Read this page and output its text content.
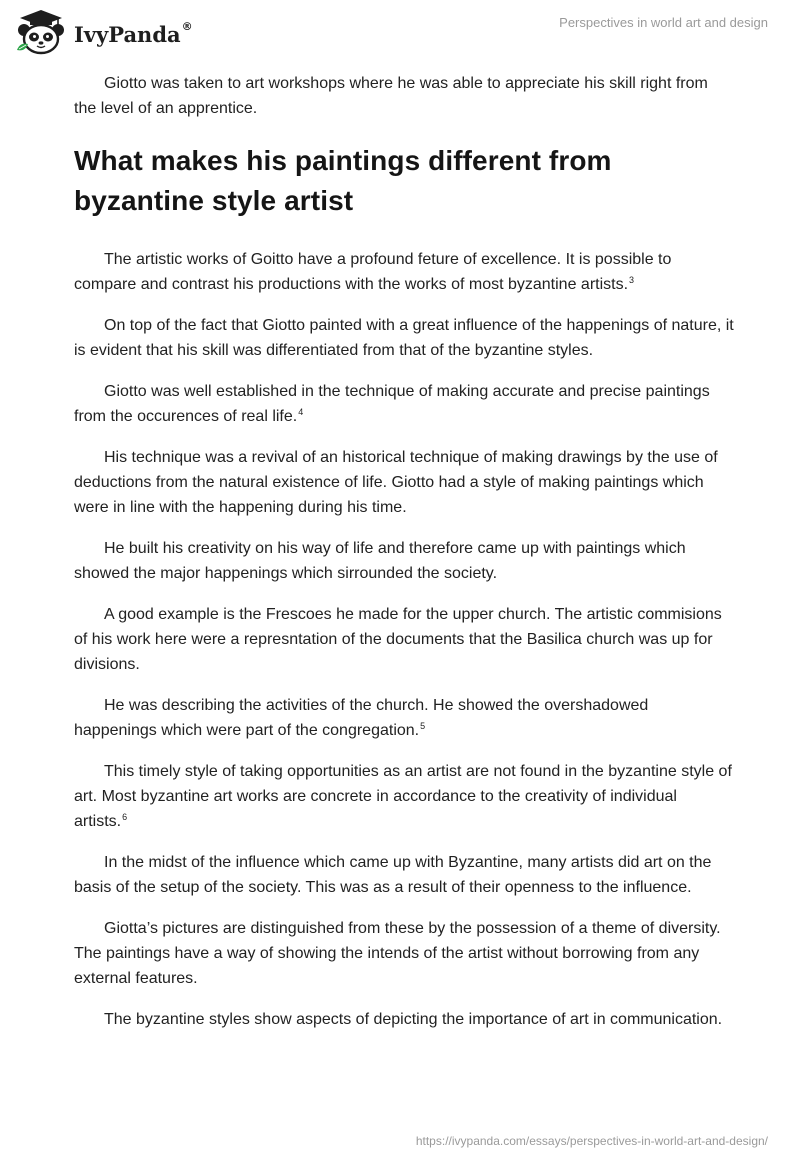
IvyPanda ®	Perspectives in world art and design

Giotto was taken to art workshops where he was able to appreciate his skill right from the level of an apprentice.

What makes his paintings different from byzantine style artist

The artistic works of Goitto have a profound feture of excellence. It is possible to compare and contrast his productions with the works of most byzantine artists.$^3$

On top of the fact that Giotto painted with a great influence of the happenings of nature, it is evident that his skill was differentiated from that of the byzantine styles.

Giotto was well established in the technique of making accurate and precise paintings from the occurences of real life.$^4$

His technique was a revival of an historical technique of making drawings by the use of deductions from the natural existence of life. Giotto had a style of making paintings which were in line with the happening during his time.

He built his creativity on his way of life and therefore came up with paintings which showed the major happenings which sirrounded the society.

A good example is the Frescoes he made for the upper church. The artistic commisions of his work here were a represntation of the documents that the Basilica church was up for divisions.

He was describing the activities of the church. He showed the overshadowed happenings which were part of the congregation.$^5$

This timely style of taking opportunities as an artist are not found in the byzantine style of art. Most byzantine art works are concrete in accordance to the creativity of individual artists.$^6$

In the midst of the influence which came up with Byzantine, many artists did art on the basis of the setup of the society. This was as a result of their openness to the influence.

Giotta’s pictures are distinguished from these by the possession of a theme of diversity. The paintings have a way of showing the intends of the artist without borrowing from any external features.

The byzantine styles show aspects of depicting the importance of art in communication.

https://ivypanda.com/essays/perspectives-in-world-art-and-design/
